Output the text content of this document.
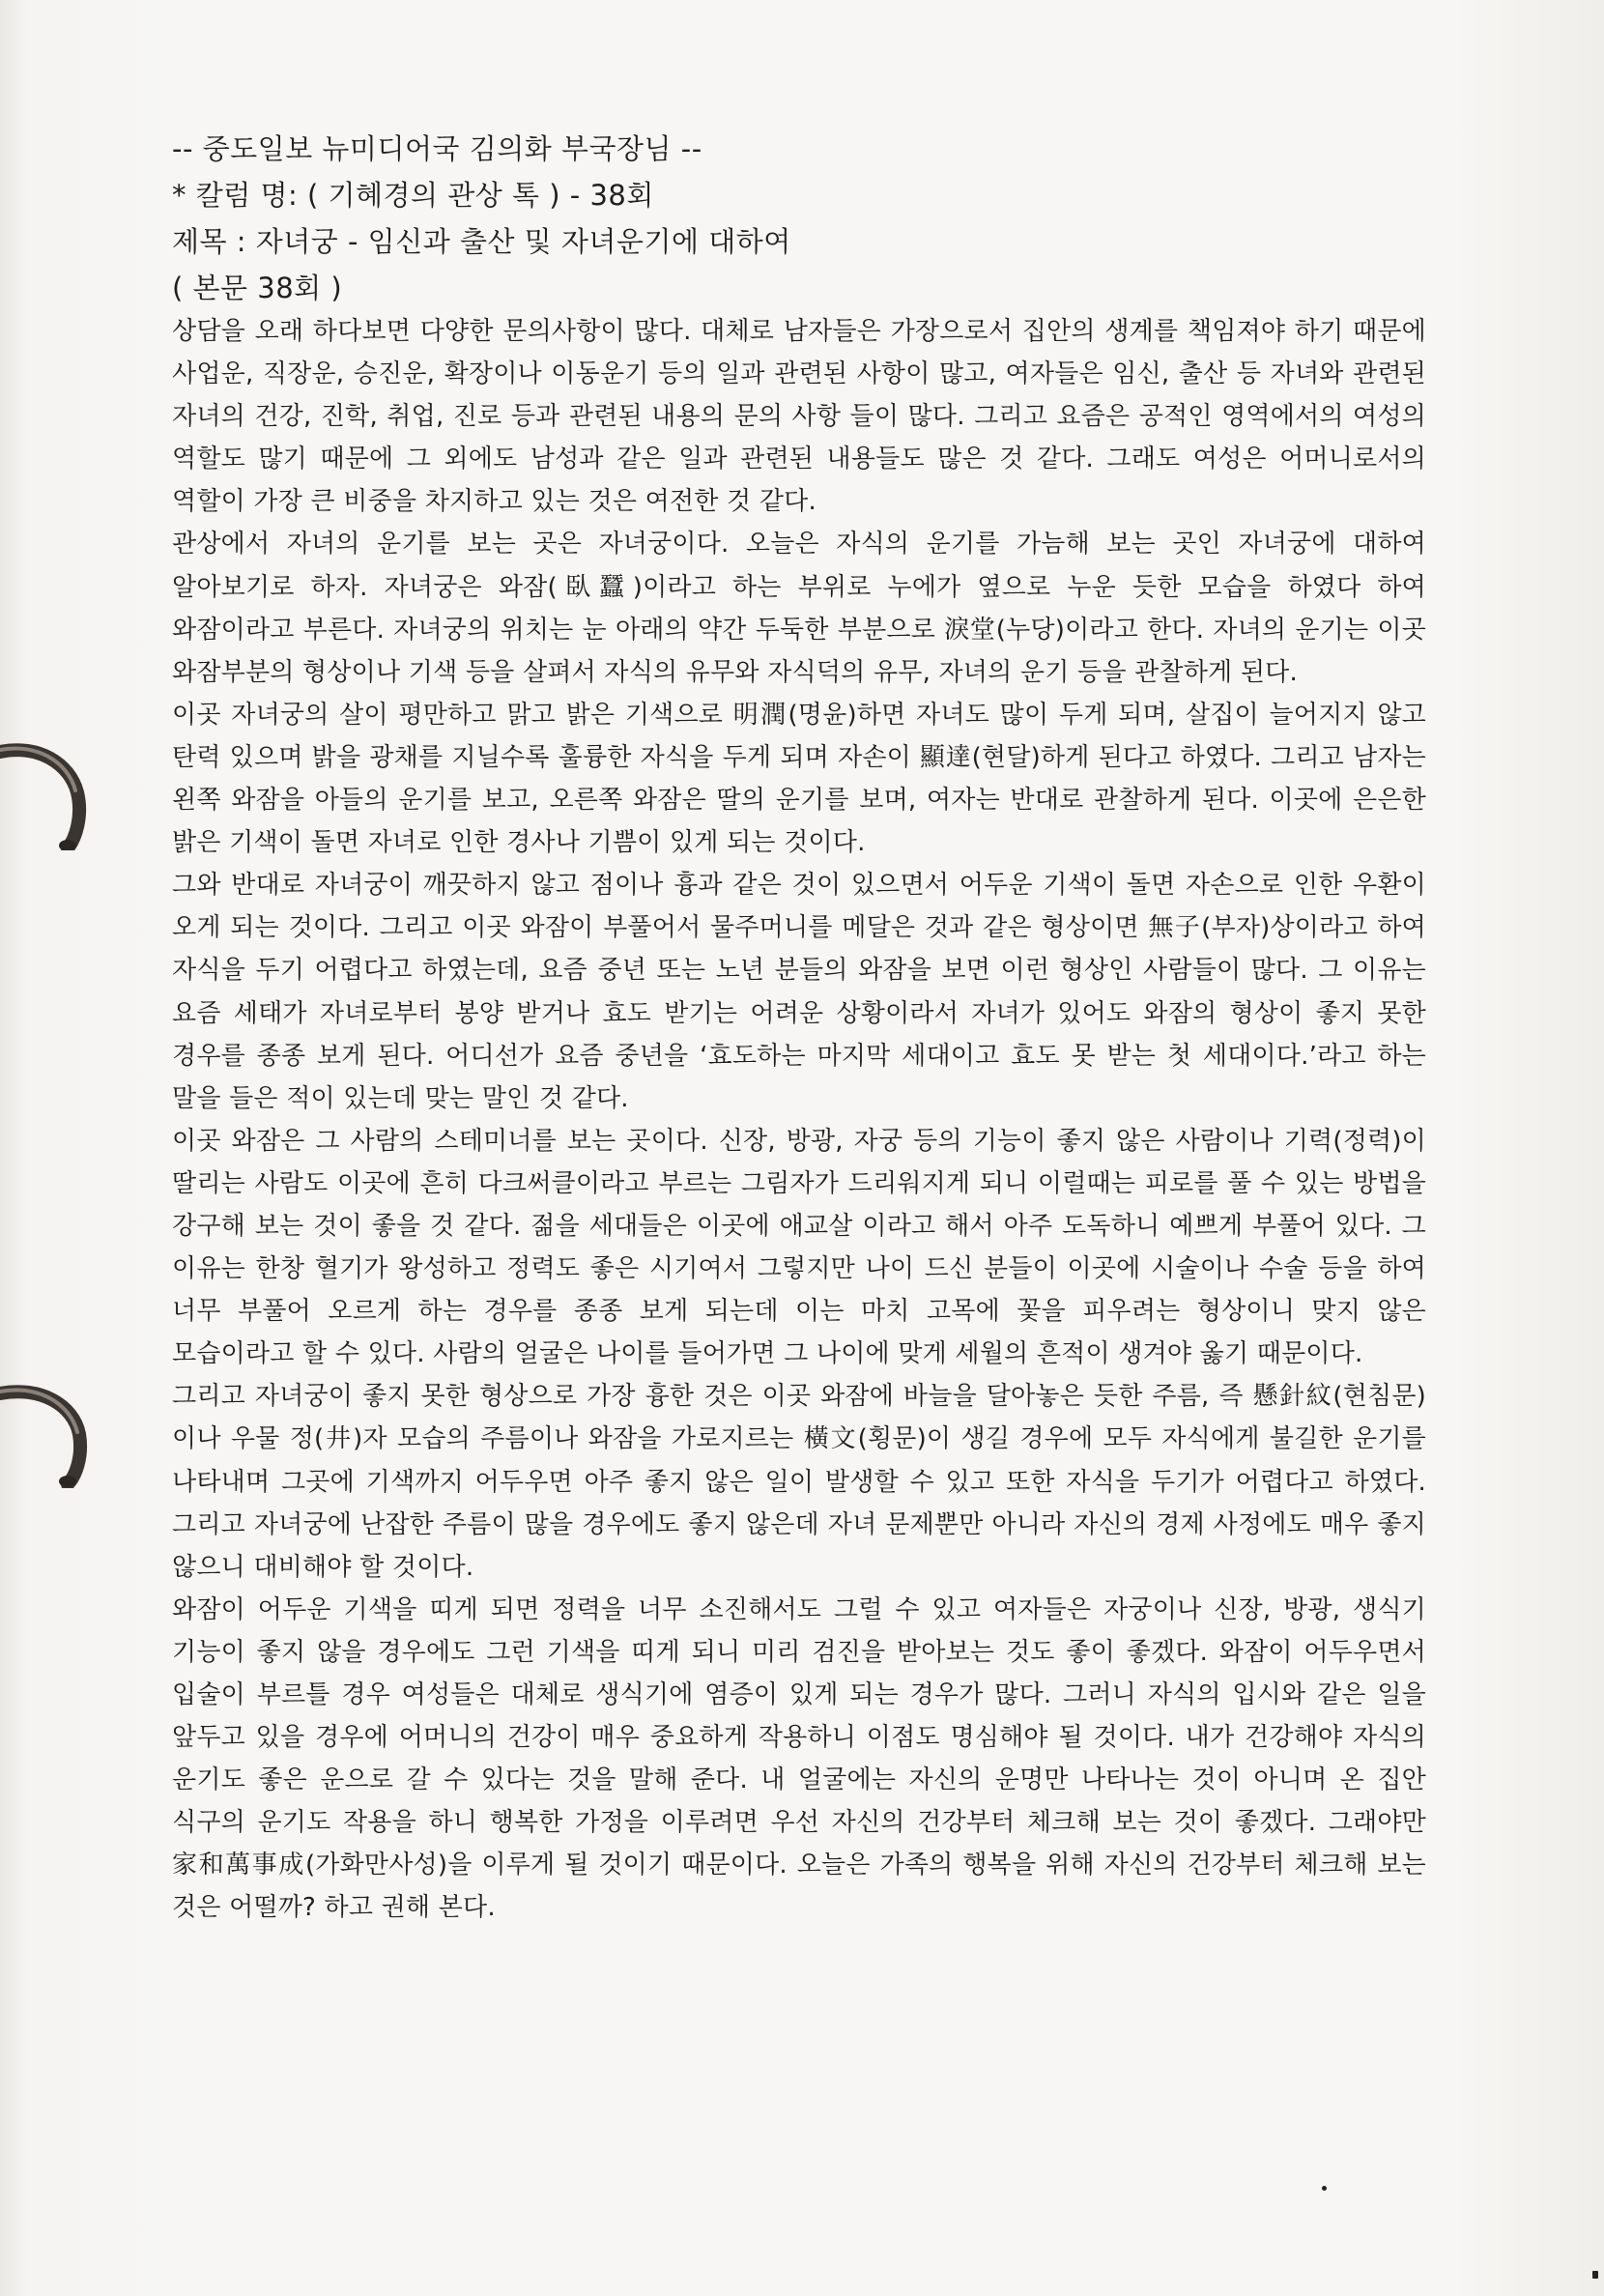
-- 중도일보 뉴미디어국 김의화 부국장님 --
* 칼럼 명: ( 기혜경의 관상 톡 ) - 38회
제목 : 자녀궁 - 임신과 출산 및 자녀운기에 대하여
( 본문 38회 )

상담을 오래 하다보면 다양한 문의사항이 많다. 대체로 남자들은 가장으로서 집안의 생계를 책임져야 하기 때문에 사업운, 직장운, 승진운, 확장이나 이동운기 등의 일과 관련된 사항이 많고, 여자들은 임신, 출산 등 자녀와 관련된 자녀의 건강, 진학, 취업, 진로 등과 관련된 내용의 문의 사항 들이 많다. 그리고 요즘은 공적인 영역에서의 여성의 역할도 많기 때문에 그 외에도 남성과 같은 일과 관련된 내용들도 많은 것 같다. 그래도 여성은 어머니로서의 역할이 가장 큰 비중을 차지하고 있는 것은 여전한 것 같다.

관상에서 자녀의 운기를 보는 곳은 자녀궁이다. 오늘은 자식의 운기를 가늠해 보는 곳인 자녀궁에 대하여 알아보기로 하자. 자녀궁은 와잠(臥蠶)이라고 하는 부위로 누에가 옆으로 누운 듯한 모습을 하였다 하여 와잠이라고 부른다. 자녀궁의 위치는 눈 아래의 약간 두둑한 부분으로 淚堂(누당)이라고 한다. 자녀의 운기는 이곳 와잠부분의 형상이나 기색 등을 살펴서 자식의 유무와 자식덕의 유무, 자녀의 운기 등을 관찰하게 된다.

이곳 자녀궁의 살이 평만하고 맑고 밝은 기색으로 明潤(명윤)하면 자녀도 많이 두게 되며, 살집이 늘어지지 않고 탄력 있으며 밝을 광채를 지닐수록 훌륭한 자식을 두게 되며 자손이 顯達(현달)하게 된다고 하였다. 그리고 남자는 왼쪽 와잠을 아들의 운기를 보고, 오른쪽 와잠은 딸의 운기를 보며, 여자는 반대로 관찰하게 된다. 이곳에 은은한 밝은 기색이 돌면 자녀로 인한 경사나 기쁨이 있게 되는 것이다.

그와 반대로 자녀궁이 깨끗하지 않고 점이나 흉과 같은 것이 있으면서 어두운 기색이 돌면 자손으로 인한 우환이 오게 되는 것이다. 그리고 이곳 와잠이 부풀어서 물주머니를 메달은 것과 같은 형상이면 無子(부자)상이라고 하여 자식을 두기 어렵다고 하였는데, 요즘 중년 또는 노년 분들의 와잠을 보면 이런 형상인 사람들이 많다. 그 이유는 요즘 세태가 자녀로부터 봉양 받거나 효도 받기는 어려운 상황이라서 자녀가 있어도 와잠의 형상이 좋지 못한 경우를 종종 보게 된다. 어디선가 요즘 중년을 ‘효도하는 마지막 세대이고 효도 못 받는 첫 세대이다.’라고 하는 말을 들은 적이 있는데 맞는 말인 것 같다.

이곳 와잠은 그 사람의 스테미너를 보는 곳이다. 신장, 방광, 자궁 등의 기능이 좋지 않은 사람이나 기력(정력)이 딸리는 사람도 이곳에 흔히 다크써클이라고 부르는 그림자가 드리워지게 되니 이럴때는 피로를 풀 수 있는 방법을 강구해 보는 것이 좋을 것 같다. 젊을 세대들은 이곳에 애교살 이라고 해서 아주 도독하니 예쁘게 부풀어 있다. 그 이유는 한창 혈기가 왕성하고 정력도 좋은 시기여서 그렇지만 나이 드신 분들이 이곳에 시술이나 수술 등을 하여 너무 부풀어 오르게 하는 경우를 종종 보게 되는데 이는 마치 고목에 꽃을 피우려는 형상이니 맞지 않은 모습이라고 할 수 있다. 사람의 얼굴은 나이를 들어가면 그 나이에 맞게 세월의 흔적이 생겨야 옳기 때문이다.

그리고 자녀궁이 좋지 못한 형상으로 가장 흉한 것은 이곳 와잠에 바늘을 달아놓은 듯한 주름, 즉 懸針紋(현침문)이나 우물 정(井)자 모습의 주름이나 와잠을 가로지르는 橫文(횡문)이 생길 경우에 모두 자식에게 불길한 운기를 나타내며 그곳에 기색까지 어두우면 아주 좋지 않은 일이 발생할 수 있고 또한 자식을 두기가 어렵다고 하였다. 그리고 자녀궁에 난잡한 주름이 많을 경우에도 좋지 않은데 자녀 문제뿐만 아니라 자신의 경제 사정에도 매우 좋지 않으니 대비해야 할 것이다.

와잠이 어두운 기색을 띠게 되면 정력을 너무 소진해서도 그럴 수 있고 여자들은 자궁이나 신장, 방광, 생식기 기능이 좋지 않을 경우에도 그런 기색을 띠게 되니 미리 검진을 받아보는 것도 좋이 좋겠다. 와잠이 어두우면서 입술이 부르틀 경우 여성들은 대체로 생식기에 염증이 있게 되는 경우가 많다. 그러니 자식의 입시와 같은 일을 앞두고 있을 경우에 어머니의 건강이 매우 중요하게 작용하니 이점도 명심해야 될 것이다. 내가 건강해야 자식의 운기도 좋은 운으로 갈 수 있다는 것을 말해 준다. 내 얼굴에는 자신의 운명만 나타나는 것이 아니며 온 집안 식구의 운기도 작용을 하니 행복한 가정을 이루려면 우선 자신의 건강부터 체크해 보는 것이 좋겠다. 그래야만 家和萬事成(가화만사성)을 이루게 될 것이기 때문이다. 오늘은 가족의 행복을 위해 자신의 건강부터 체크해 보는 것은 어떨까? 하고 권해 본다.
